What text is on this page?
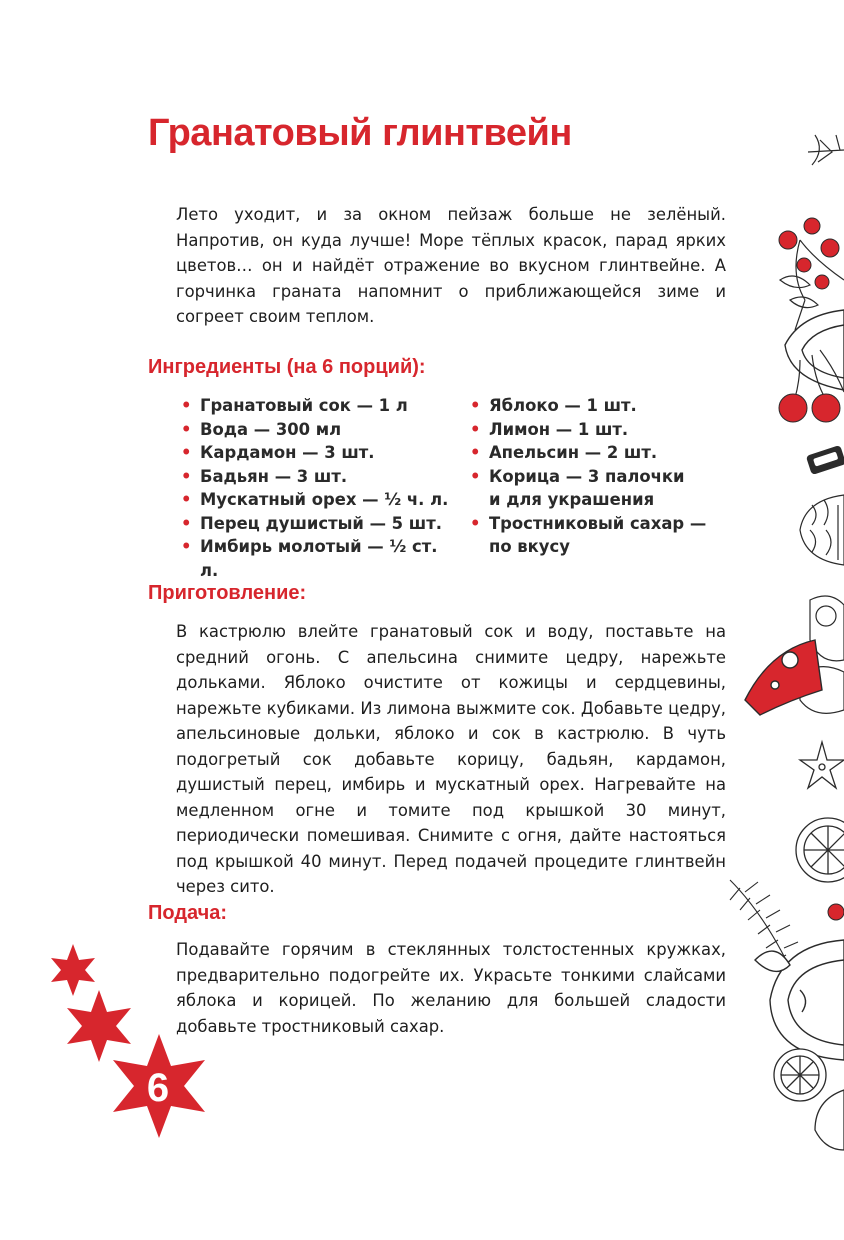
6
Гранатовый глинтвейн

Лето уходит, и за окном пейзаж больше не зелёный. Напротив, он куда лучше! Море тёплых красок, парад ярких цветов… он и найдёт отражение во вкусном глинтвейне. А горчинка граната напомнит о приближающейся зиме и согреет своим теплом.

Ингредиенты (на 6 порций):
• Гранатовый сок — 1 л
• Вода — 300 мл
• Кардамон — 3 шт.
• Бадьян — 3 шт.
• Мускатный орех — ½ ч. л.
• Перец душистый — 5 шт.
• Имбирь молотый — ½ ст. л.
• Яблоко — 1 шт.
• Лимон — 1 шт.
• Апельсин — 2 шт.
• Корица — 3 палочки
и для украшения
• Тростниковый сахар —
по вкусу
Приготовление:

В кастрюлю влейте гранатовый сок и воду, поставьте на средний огонь. С апельсина снимите цедру, нарежьте дольками. Яблоко очистите от кожицы и сердцевины, нарежьте кубиками. Из лимона выжмите сок. Добавьте цедру, апельсиновые дольки, яблоко и сок в кастрюлю. В чуть подогретый сок добавьте корицу, бадьян, кардамон, душистый перец, имбирь и мускатный орех. Нагревайте на медленном огне и томите под крышкой 30 минут, периодически помешивая. Снимите с огня, дайте настояться под крышкой 40 минут. Перед подачей процедите глинтвейн через сито.

Подача:

Подавайте горячим в стеклянных толстостенных кружках, предварительно подогрейте их. Украсьте тонкими слайсами яблока и корицей. По желанию для большей сладости добавьте тростниковый сахар.
